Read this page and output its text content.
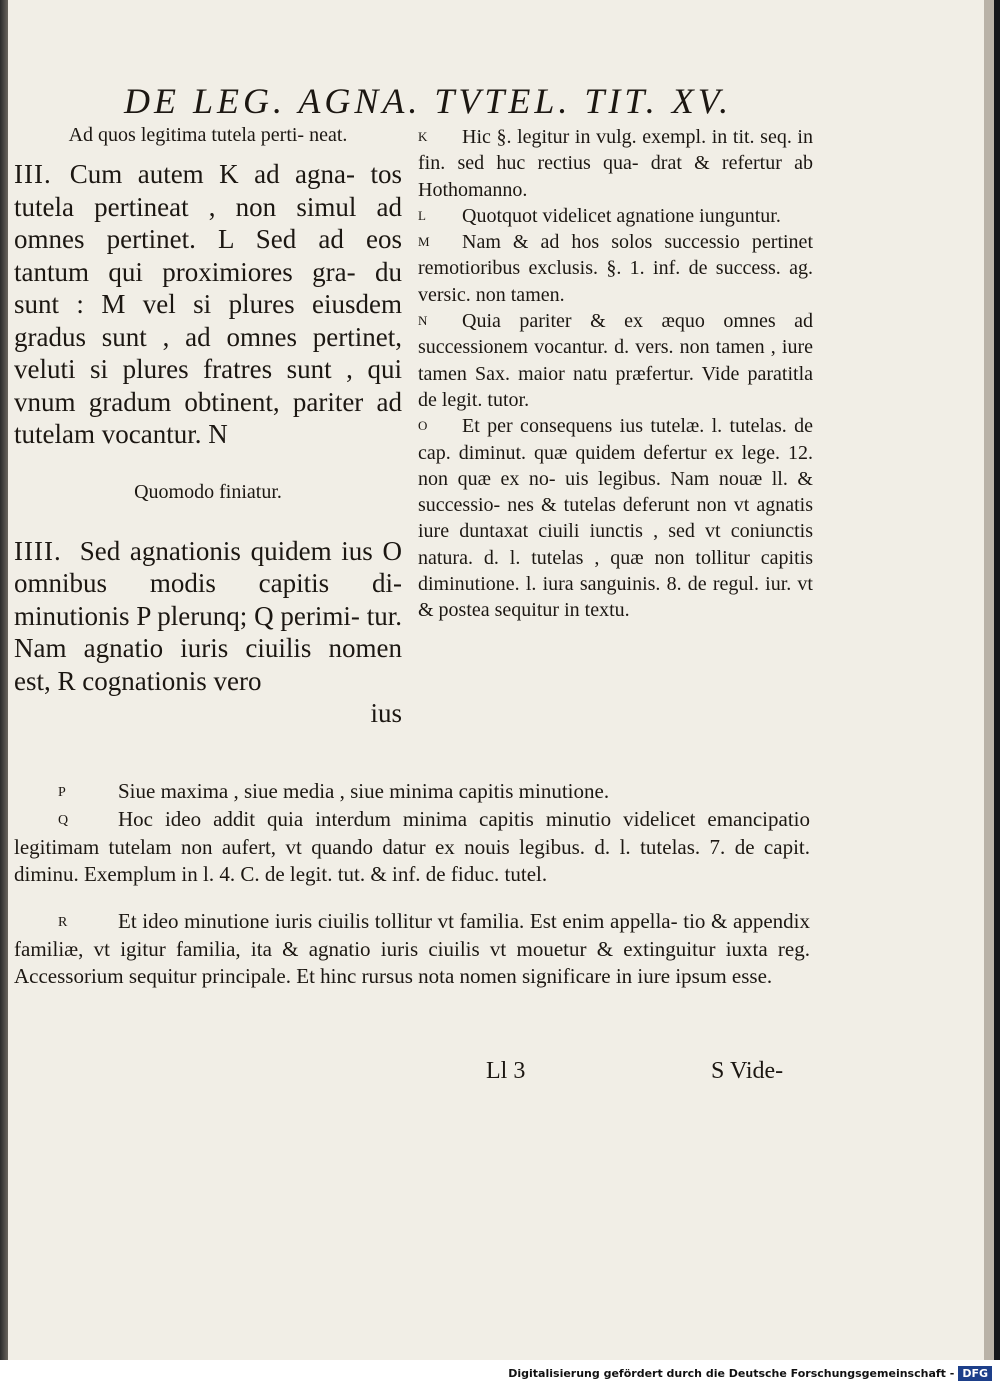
DE LEG. AGNA. TVTEL. TIT. XV.
Ad quos legitima tutela perti- neat.

III. Cum autem K ad agna- tos tutela pertineat , non simul ad omnes pertinet. L Sed ad eos tantum qui proximiores gra- du sunt : M vel si plures eiusdem gradus sunt , ad omnes pertinet, veluti si plures fratres sunt , qui vnum gradum obtinent, pariter ad tutelam vocantur. N

Quomodo finiatur.

IIII. Sed agnationis quidem ius O omnibus modis capitis di- minutionis P plerunq; Q perimi- tur. Nam agnatio iuris ciuilis nomen est, R cognationis vero

ius

K Hic §. legitur in vulg. exempl. in tit. seq. in fin. sed huc rectius qua- drat & refertur ab Hothomanno.

L Quotquot videlicet agnatione iunguntur.

M Nam & ad hos solos successio pertinet remotioribus exclusis. §. 1. inf. de success. ag. versic. non tamen.

N Quia pariter & ex æquo omnes ad successionem vocantur. d. vers. non tamen , iure tamen Sax. maior natu præfertur. Vide paratitla de legit. tutor.

O Et per consequens ius tutelæ. l. tutelas. de cap. diminut. quæ quidem defertur ex lege. 12. non quæ ex no- uis legibus. Nam nouæ ll. & successio- nes & tutelas deferunt non vt agnatis iure duntaxat ciuili iunctis , sed vt coniunctis natura. d. l. tutelas , quæ non tollitur capitis diminutione. l. iura sanguinis. 8. de regul. iur. vt & postea sequitur in textu.

P Siue maxima , siue media , siue minima capitis minutione.

Q Hoc ideo addit quia interdum minima capitis minutio videlicet emancipatio legitimam tutelam non aufert, vt quando datur ex nouis legibus. d. l. tutelas. 7. de capit. diminu. Exemplum in l. 4. C. de legit. tut. & inf. de fiduc. tutel.

R Et ideo minutione iuris ciuilis tollitur vt familia. Est enim appella- tio & appendix familiæ, vt igitur familia, ita & agnatio iuris ciuilis vt mouetur & extinguitur iuxta reg. Accessorium sequitur principale. Et hinc rursus nota nomen significare in iure ipsum esse.

Ll 3	S Vide-
Digitalisierung gefördert durch die Deutsche Forschungsgemeinschaft - DFG
